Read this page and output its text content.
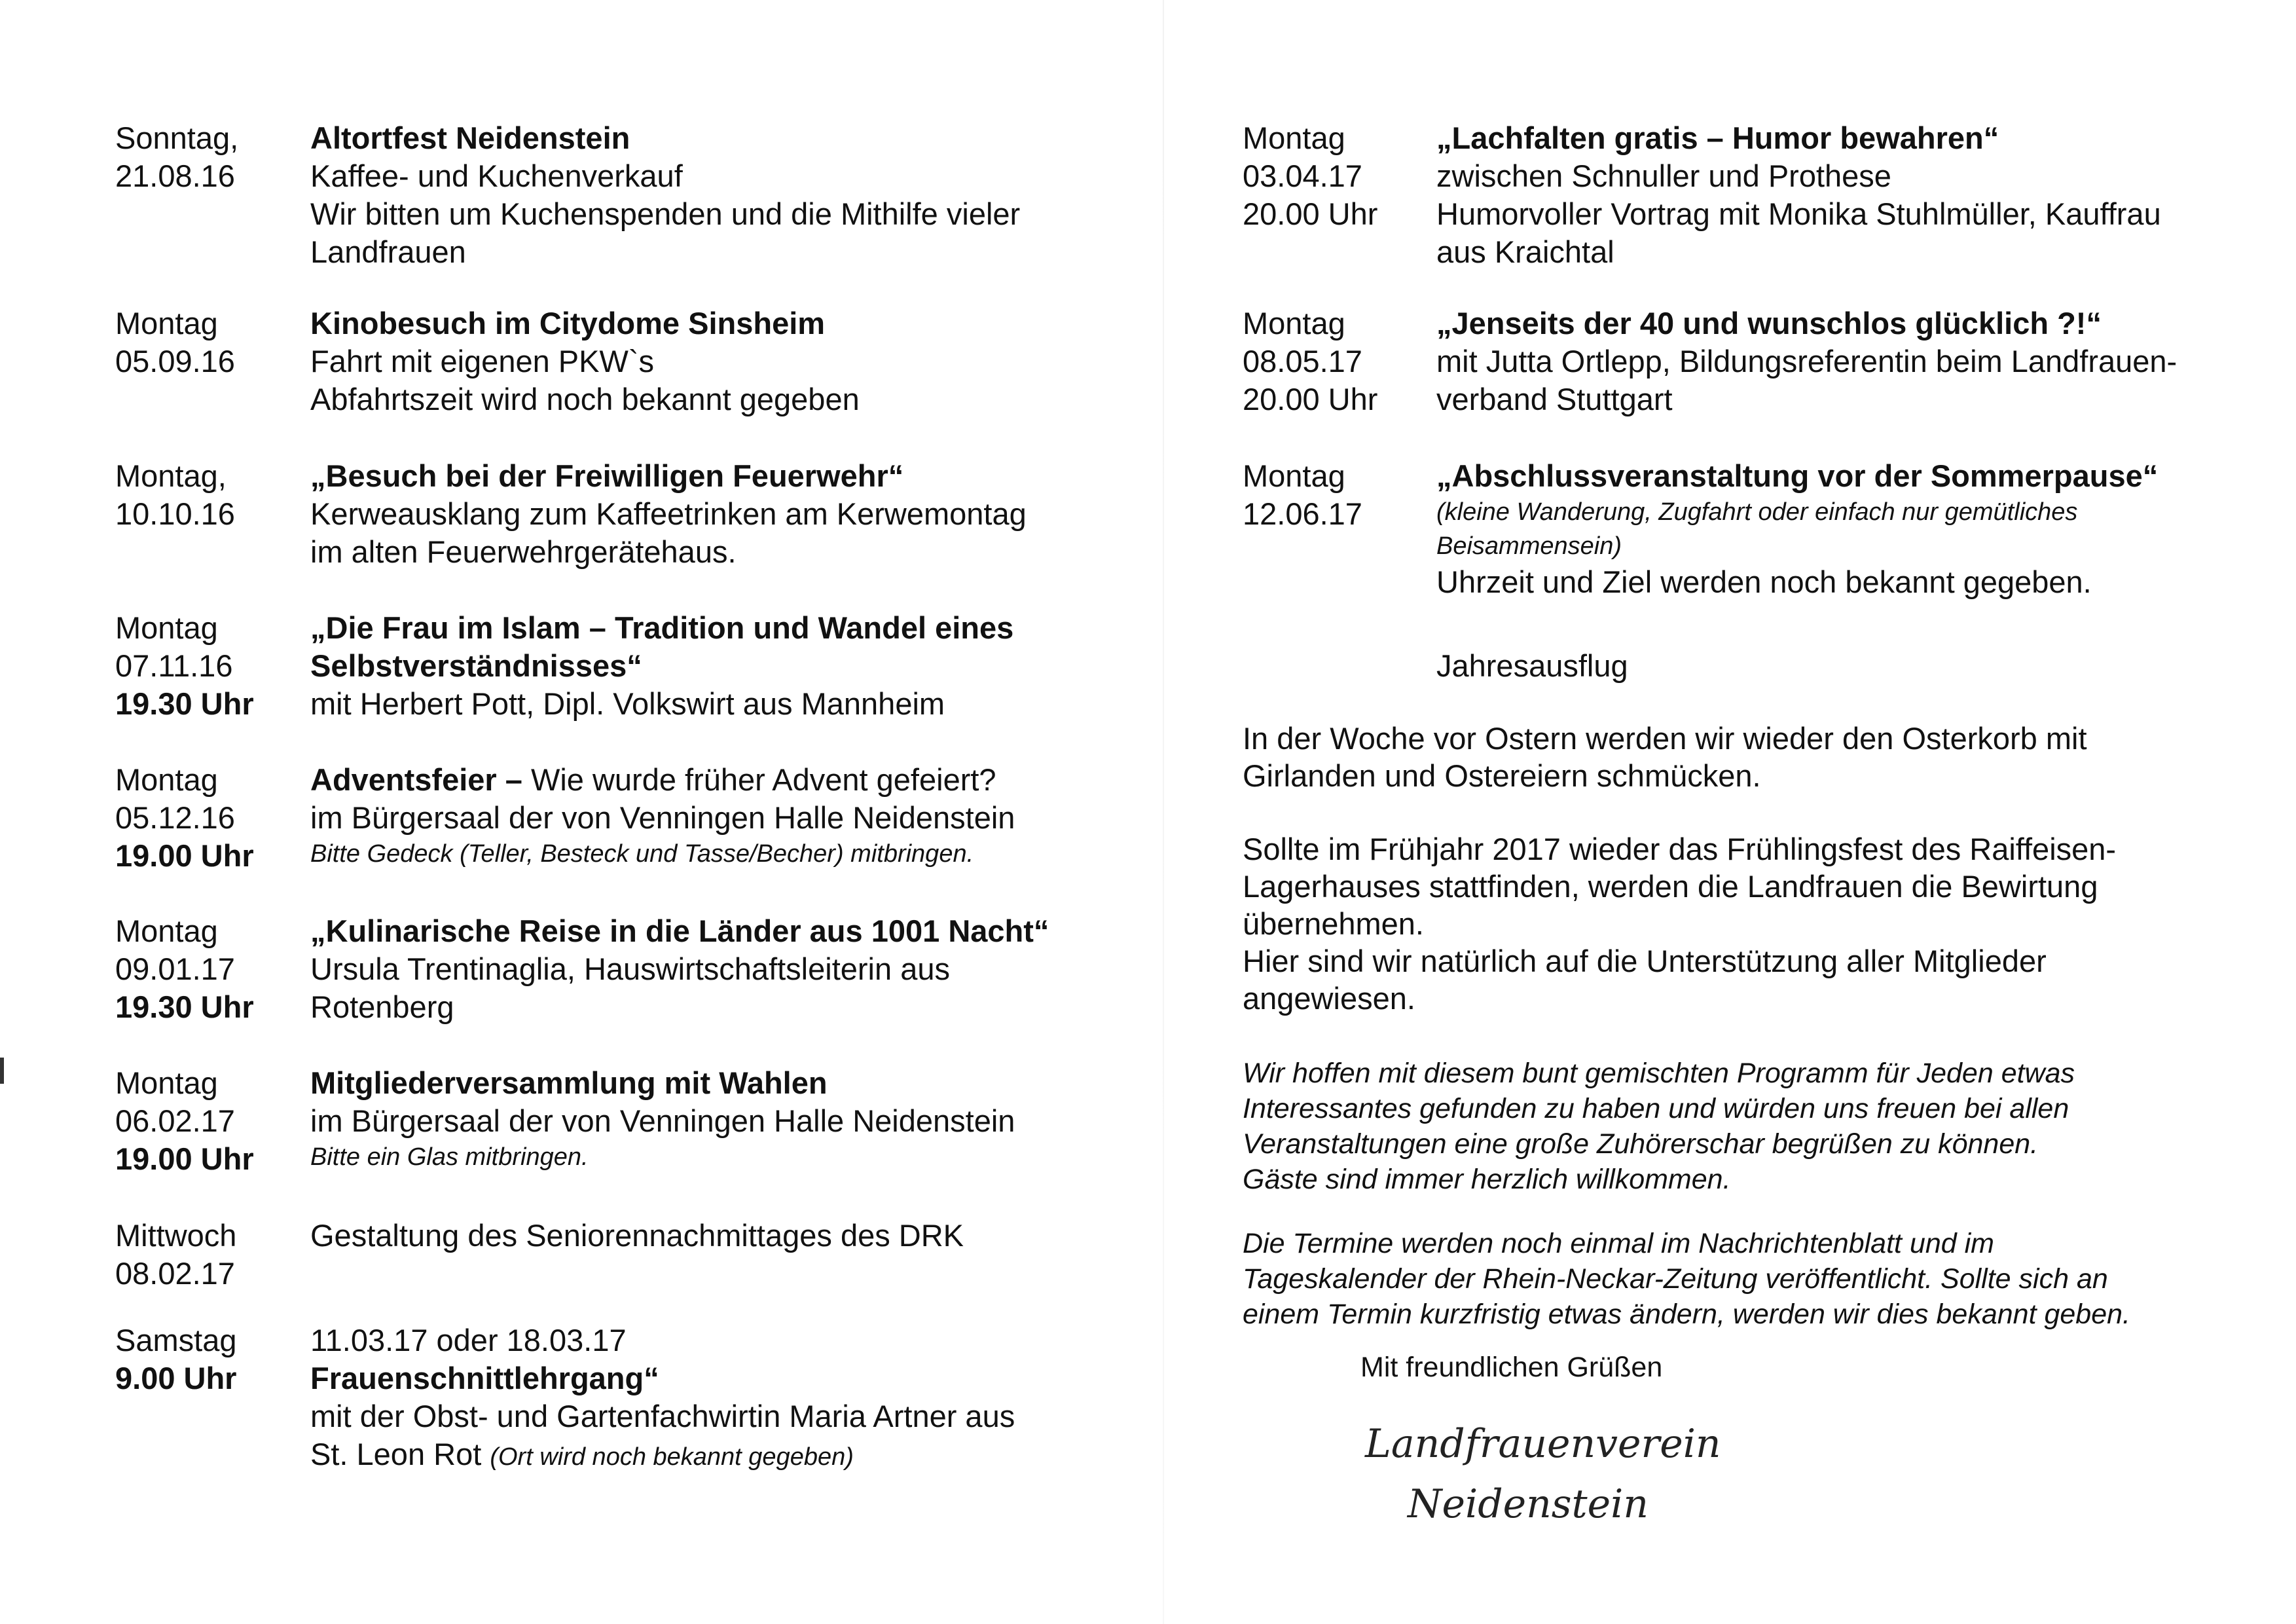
Sonntag,
21.08.16
Altortfest Neidenstein
Kaffee- und Kuchenverkauf
Wir bitten um Kuchenspenden und die Mithilfe vieler
Landfrauen
Montag
05.09.16
Kinobesuch im Citydome Sinsheim
Fahrt mit eigenen PKW`s
Abfahrtszeit wird noch bekannt gegeben
Montag,
10.10.16
„Besuch bei der Freiwilligen Feuerwehr“
Kerweausklang zum Kaffeetrinken am Kerwemontag
im alten Feuerwehrgerätehaus.
Montag
07.11.16
19.30 Uhr
„Die Frau im Islam – Tradition und Wandel eines
Selbstverständnisses“
mit Herbert Pott, Dipl. Volkswirt aus Mannheim
Montag
05.12.16
19.00 Uhr
Adventsfeier – Wie wurde früher Advent gefeiert?
im Bürgersaal der von Venningen Halle Neidenstein
Bitte Gedeck (Teller, Besteck und Tasse/Becher) mitbringen.
Montag
09.01.17
19.30 Uhr
„Kulinarische Reise in die Länder aus 1001 Nacht“
Ursula Trentinaglia, Hauswirtschaftsleiterin aus
Rotenberg
Montag
06.02.17
19.00 Uhr
Mitgliederversammlung mit Wahlen
im Bürgersaal der von Venningen Halle Neidenstein
Bitte ein Glas mitbringen.
Mittwoch
08.02.17
Gestaltung des Seniorennachmittages des DRK
Samstag
9.00 Uhr
11.03.17 oder 18.03.17
Frauenschnittlehrgang“
mit der Obst- und Gartenfachwirtin Maria Artner aus
St. Leon Rot (Ort wird noch bekannt gegeben)
Montag
03.04.17
20.00 Uhr
„Lachfalten gratis – Humor bewahren“
zwischen Schnuller und Prothese
Humorvoller Vortrag mit Monika Stuhlmüller, Kauffrau
aus Kraichtal
Montag
08.05.17
20.00 Uhr
„Jenseits der 40 und wunschlos glücklich ?!“
mit Jutta Ortlepp, Bildungsreferentin beim Landfrauen-
verband Stuttgart
Montag
12.06.17
„Abschlussveranstaltung vor der Sommerpause“
(kleine Wanderung, Zugfahrt oder einfach nur gemütliches
Beisammensein)
Uhrzeit und Ziel werden noch bekannt gegeben.
Jahresausflug
In der Woche vor Ostern werden wir wieder den Osterkorb mit
Girlanden und Ostereiern schmücken.
Sollte im Frühjahr 2017 wieder das Frühlingsfest des Raiffeisen-
Lagerhauses stattfinden, werden die Landfrauen die Bewirtung
übernehmen.
Hier sind wir natürlich auf die Unterstützung aller Mitglieder
angewiesen.
Wir hoffen mit diesem bunt gemischten Programm für Jeden etwas
Interessantes gefunden zu haben und würden uns freuen bei allen
Veranstaltungen eine große Zuhörerschar begrüßen zu können.
Gäste sind immer herzlich willkommen.
Die Termine werden noch einmal im Nachrichtenblatt und im
Tageskalender der Rhein-Neckar-Zeitung veröffentlicht. Sollte sich an
einem Termin kurzfristig etwas ändern, werden wir dies bekannt geben.
Mit freundlichen Grüßen
Landfrauenverein
Neidenstein
